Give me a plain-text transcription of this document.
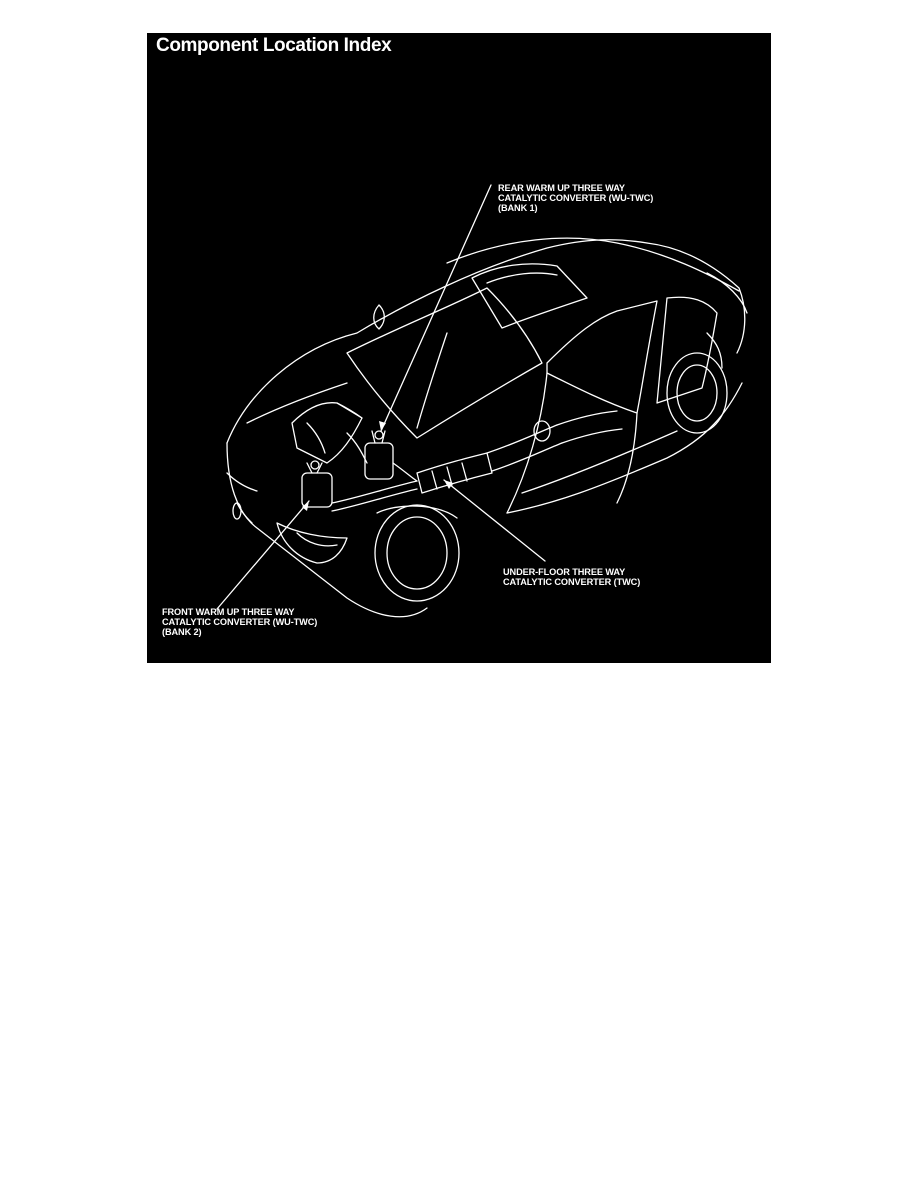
Component Location Index
REAR WARM UP THREE WAY
CATALYTIC CONVERTER (WU-TWC)
(BANK 1)
UNDER-FLOOR THREE WAY
CATALYTIC CONVERTER (TWC)
FRONT WARM UP THREE WAY
CATALYTIC CONVERTER (WU-TWC)
(BANK 2)
